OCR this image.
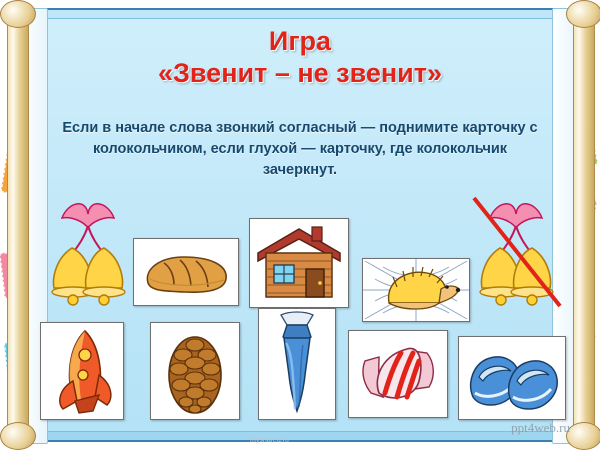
Игра
«Звенит – не звенит»
Если в начале слова звонкий согласный — поднимите карточку с колокольчиком, если глухой — карточку, где колокольчик зачеркнут.
ppt4web.ru
myshared.ru
